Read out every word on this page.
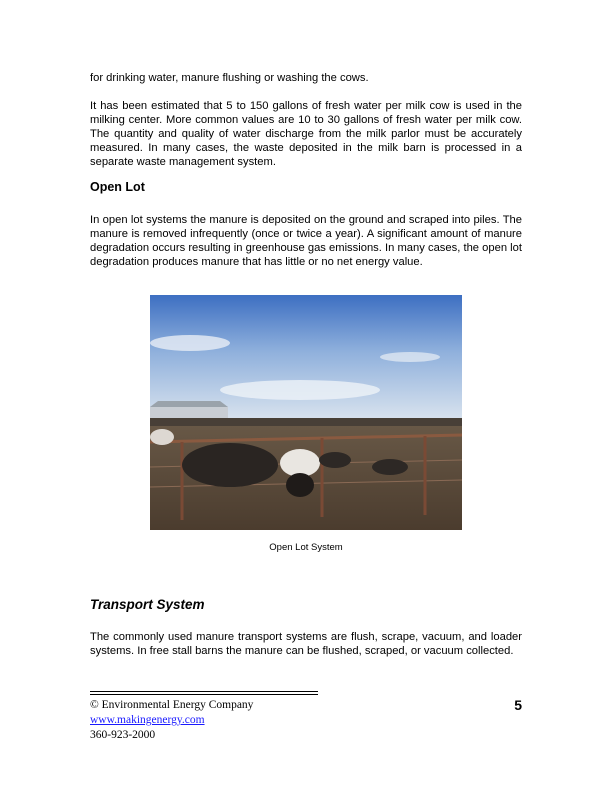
for drinking water, manure flushing or washing the cows.

It has been estimated that 5 to 150 gallons of fresh water per milk cow is used in the milking center. More common values are 10 to 30 gallons of fresh water per milk cow. The quantity and quality of water discharge from the milk parlor must be accurately measured. In many cases, the waste deposited in the milk barn is processed in a separate waste management system.

Open Lot

In open lot systems the manure is deposited on the ground and scraped into piles. The manure is removed infrequently (once or twice a year). A significant amount of manure degradation occurs resulting in greenhouse gas emissions. In many cases, the open lot degradation produces manure that has little or no net energy value.

Open Lot System

Transport System

The commonly used manure transport systems are flush, scrape, vacuum, and loader systems. In free stall barns the manure can be flushed, scraped, or vacuum collected.

© Environmental Energy Company

www.makingenergy.com

360-923-2000

5
